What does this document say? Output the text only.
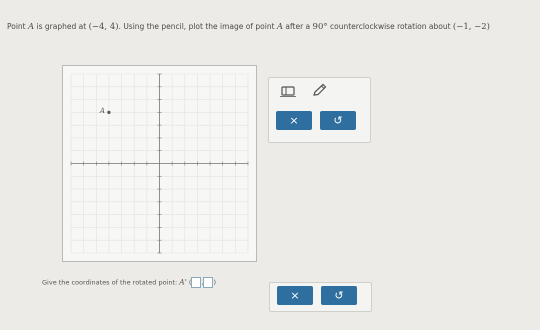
Point A is graphed at (−4, 4). Using the pencil, plot the image of point A after a 90° counterclockwise rotation about (−1, −2)
A
×	↺
Give the coordinates of the rotated point: A' ( , )
×	↺
